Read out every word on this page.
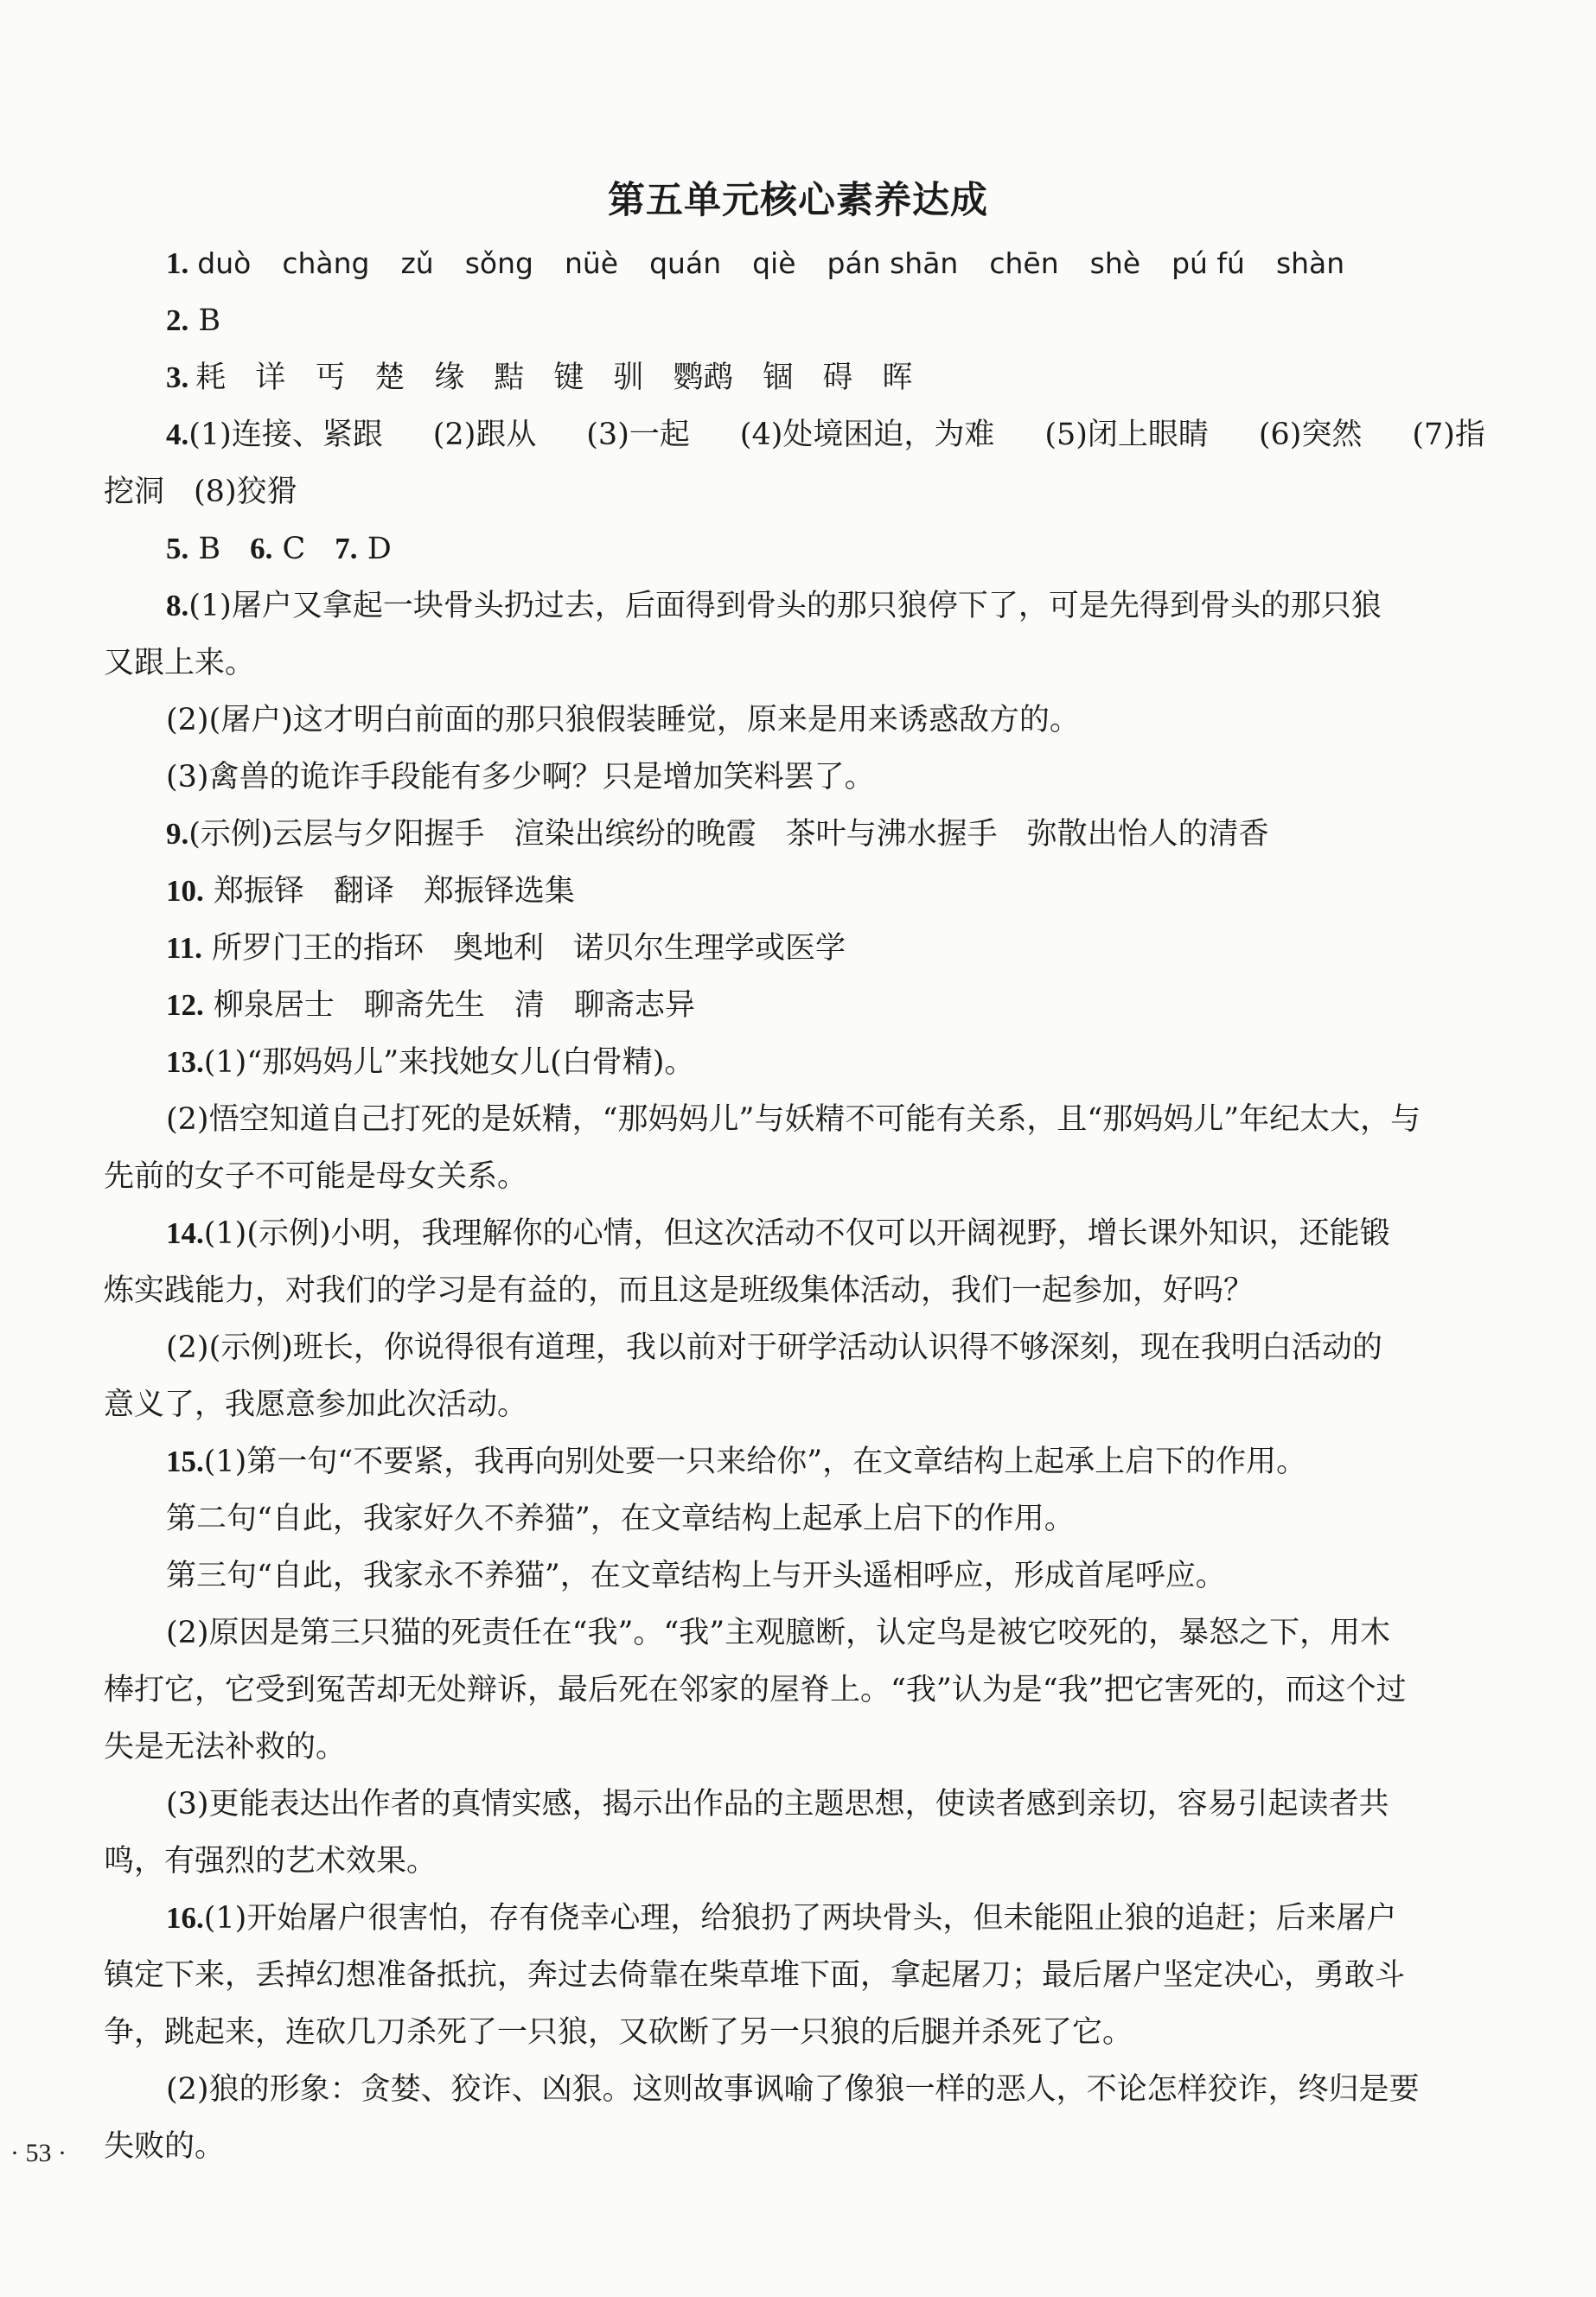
第五单元核心素养达成
1. duò chàng zǔ sǒng nüè quán qiè pán shān chēn shè pú fú shàn
2. B
3. 耗 详 丐 楚 缘 黠 键 驯 鹦鹉 锢 碍 晖
4.(1)连接、紧跟 (2)跟从 (3)一起 (4)处境困迫，为难 (5)闭上眼睛 (6)突然 (7)指
挖洞 (8)狡猾
5. B 6. C 7. D
8.(1)屠户又拿起一块骨头扔过去，后面得到骨头的那只狼停下了，可是先得到骨头的那只狼
又跟上来。
(2)(屠户)这才明白前面的那只狼假装睡觉，原来是用来诱惑敌方的。
(3)禽兽的诡诈手段能有多少啊？只是增加笑料罢了。
9.(示例)云层与夕阳握手 渲染出缤纷的晚霞 茶叶与沸水握手 弥散出怡人的清香
10. 郑振铎 翻译 郑振铎选集
11. 所罗门王的指环 奥地利 诺贝尔生理学或医学
12. 柳泉居士 聊斋先生 清 聊斋志异
13.(1)“那妈妈儿”来找她女儿(白骨精)。
(2)悟空知道自己打死的是妖精，“那妈妈儿”与妖精不可能有关系，且“那妈妈儿”年纪太大，与
先前的女子不可能是母女关系。
14.(1)(示例)小明，我理解你的心情，但这次活动不仅可以开阔视野，增长课外知识，还能锻
炼实践能力，对我们的学习是有益的，而且这是班级集体活动，我们一起参加，好吗？
(2)(示例)班长，你说得很有道理，我以前对于研学活动认识得不够深刻，现在我明白活动的
意义了，我愿意参加此次活动。
15.(1)第一句“不要紧，我再向别处要一只来给你”，在文章结构上起承上启下的作用。
第二句“自此，我家好久不养猫”，在文章结构上起承上启下的作用。
第三句“自此，我家永不养猫”，在文章结构上与开头遥相呼应，形成首尾呼应。
(2)原因是第三只猫的死责任在“我”。“我”主观臆断，认定鸟是被它咬死的，暴怒之下，用木
棒打它，它受到冤苦却无处辩诉，最后死在邻家的屋脊上。“我”认为是“我”把它害死的，而这个过
失是无法补救的。
(3)更能表达出作者的真情实感，揭示出作品的主题思想，使读者感到亲切，容易引起读者共
鸣，有强烈的艺术效果。
16.(1)开始屠户很害怕，存有侥幸心理，给狼扔了两块骨头，但未能阻止狼的追赶；后来屠户
镇定下来，丢掉幻想准备抵抗，奔过去倚靠在柴草堆下面，拿起屠刀；最后屠户坚定决心，勇敢斗
争，跳起来，连砍几刀杀死了一只狼，又砍断了另一只狼的后腿并杀死了它。
(2)狼的形象：贪婪、狡诈、凶狠。这则故事讽喻了像狼一样的恶人，不论怎样狡诈，终归是要
失败的。
· 53 ·
